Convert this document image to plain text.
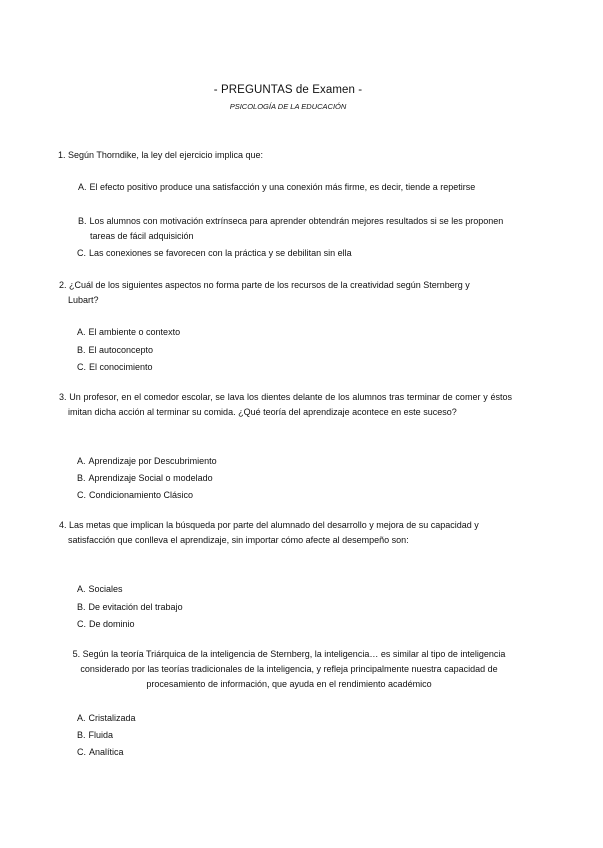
- PREGUNTAS de Examen -
PSICOLOGÍA DE LA EDUCACIÓN
1. Según Thorndike, la ley del ejercicio implica que:
A. El efecto positivo produce una satisfacción y una conexión más firme, es decir, tiende a repetirse
B. Los alumnos con motivación extrínseca para aprender obtendrán mejores resultados si se les proponen tareas de fácil adquisición
C. Las conexiones se favorecen con la práctica y se debilitan sin ella
2. ¿Cuál de los siguientes aspectos no forma parte de los recursos de la creatividad según Sternberg y Lubart?
A. El ambiente o contexto
B. El autoconcepto
C. El conocimiento
3. Un profesor, en el comedor escolar, se lava los dientes delante de los alumnos tras terminar de comer y éstos imitan dicha acción al terminar su comida. ¿Qué teoría del aprendizaje acontece en este suceso?
A. Aprendizaje por Descubrimiento
B. Aprendizaje Social o modelado
C. Condicionamiento Clásico
4. Las metas que implican la búsqueda por parte del alumnado del desarrollo y mejora de su capacidad y satisfacción que conlleva el aprendizaje, sin importar cómo afecte al desempeño son:
A. Sociales
B. De evitación del trabajo
C. De dominio
5. Según la teoría Triárquica de la inteligencia de Sternberg, la inteligencia… es similar al tipo de inteligencia considerado por las teorías tradicionales de la inteligencia, y refleja principalmente nuestra capacidad de procesamiento de información, que ayuda en el rendimiento académico
A. Cristalizada
B. Fluida
C. Analítica
